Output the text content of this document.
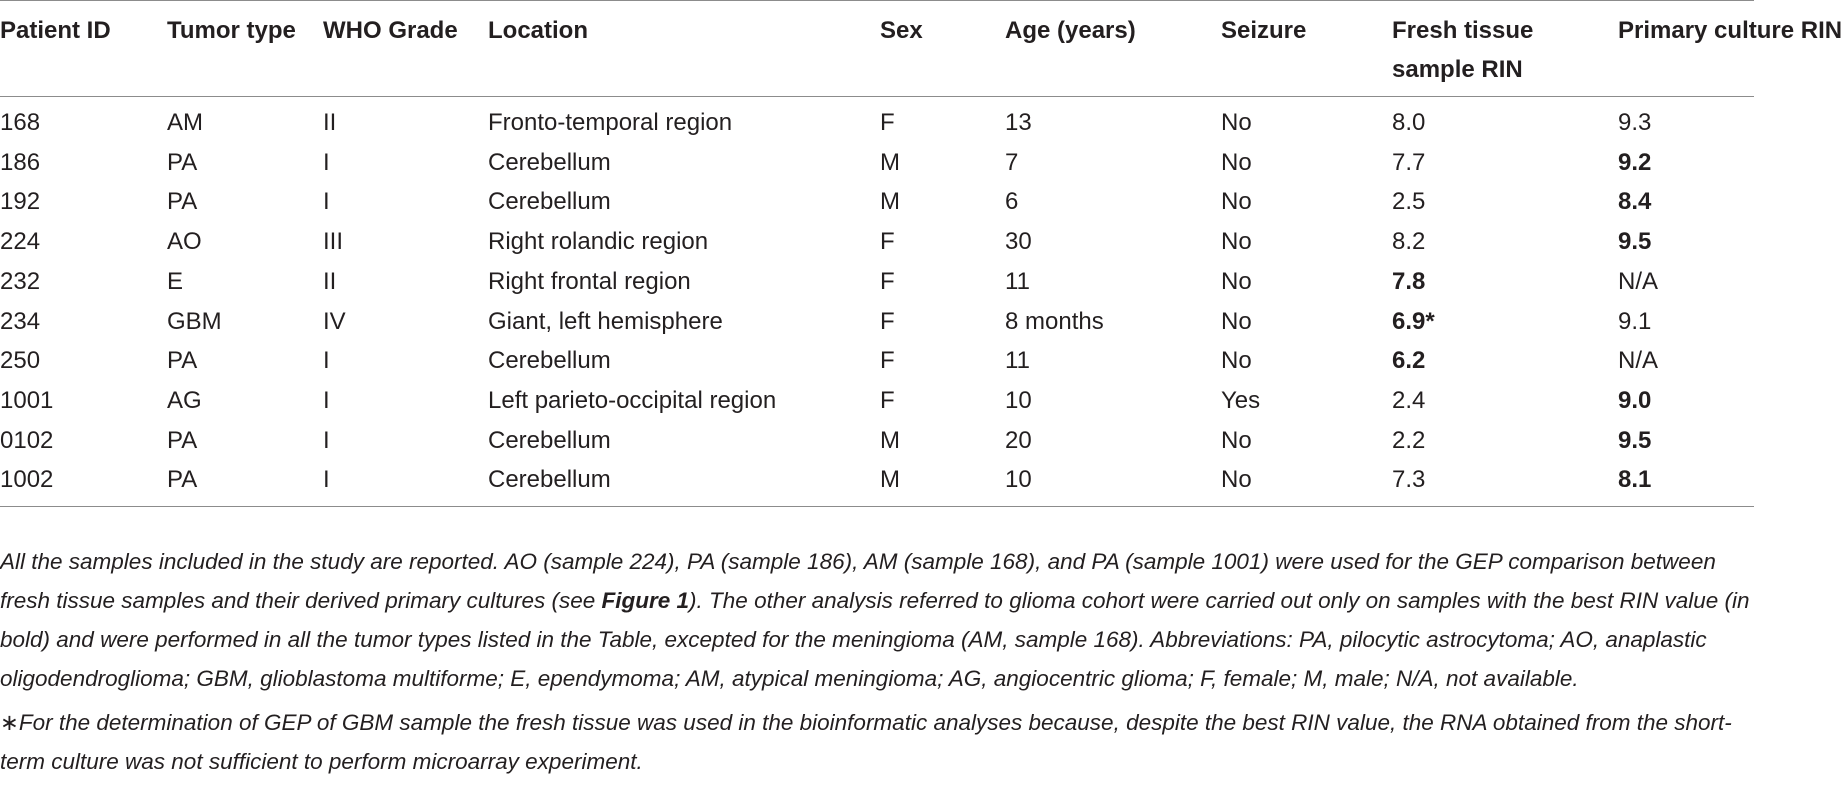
Patient ID	Tumor type	WHO Grade	Location	Sex	Age (years)	Seizure	Fresh tissue sample RIN	Primary culture RIN
168	AM	II	Fronto-temporal region	F	13	No	8.0	9.3
186	PA	I	Cerebellum	M	7	No	7.7	9.2
192	PA	I	Cerebellum	M	6	No	2.5	8.4
224	AO	III	Right rolandic region	F	30	No	8.2	9.5
232	E	II	Right frontal region	F	11	No	7.8	N/A
234	GBM	IV	Giant, left hemisphere	F	8 months	No	6.9*	9.1
250	PA	I	Cerebellum	F	11	No	6.2	N/A
1001	AG	I	Left parieto-occipital region	F	10	Yes	2.4	9.0
0102	PA	I	Cerebellum	M	20	No	2.2	9.5
1002	PA	I	Cerebellum	M	10	No	7.3	8.1

All the samples included in the study are reported. AO (sample 224), PA (sample 186), AM (sample 168), and PA (sample 1001) were used for the GEP comparison between fresh tissue samples and their derived primary cultures (see Figure 1). The other analysis referred to glioma cohort were carried out only on samples with the best RIN value (in bold) and were performed in all the tumor types listed in the Table, excepted for the meningioma (AM, sample 168). Abbreviations: PA, pilocytic astrocytoma; AO, anaplastic oligodendroglioma; GBM, glioblastoma multiforme; E, ependymoma; AM, atypical meningioma; AG, angiocentric glioma; F, female; M, male; N/A, not available.

∗For the determination of GEP of GBM sample the fresh tissue was used in the bioinformatic analyses because, despite the best RIN value, the RNA obtained from the short-term culture was not sufficient to perform microarray experiment.
